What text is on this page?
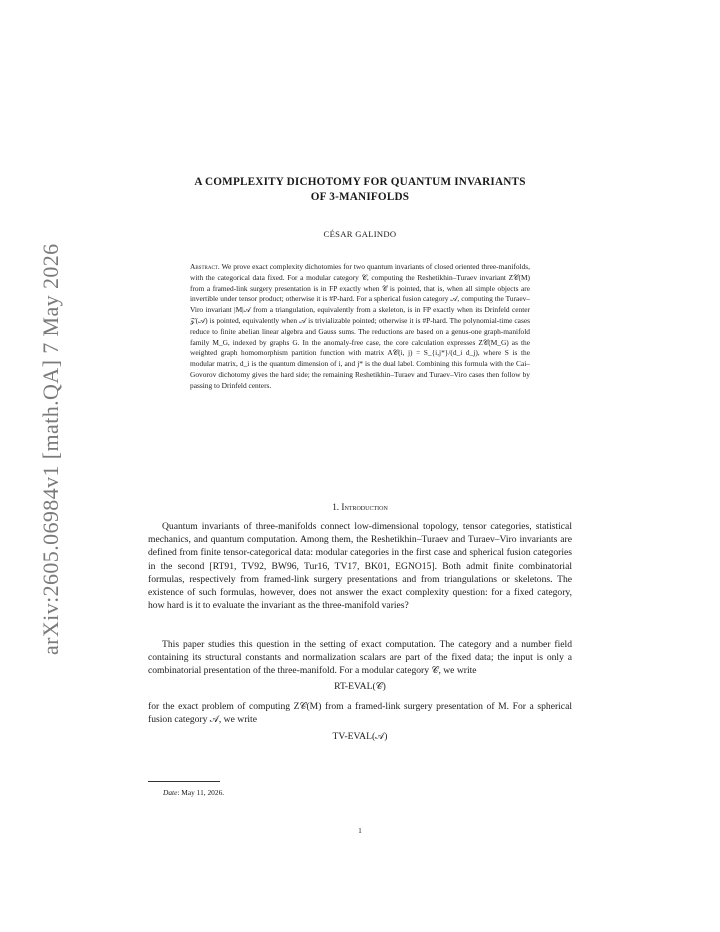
arXiv:2605.06984v1 [math.QA] 7 May 2026
A COMPLEXITY DICHOTOMY FOR QUANTUM INVARIANTS
OF 3-MANIFOLDS
CÉSAR GALINDO
Abstract. We prove exact complexity dichotomies for two quantum invariants of closed oriented three-manifolds, with the categorical data fixed. For a modular category 𝒞, computing the Reshetikhin–Turaev invariant Z𝒞(M) from a framed-link surgery presentation is in FP exactly when 𝒞 is pointed, that is, when all simple objects are invertible under tensor product; otherwise it is #P-hard. For a spherical fusion category 𝒜, computing the Turaev–Viro invariant |M|𝒜 from a triangulation, equivalently from a skeleton, is in FP exactly when its Drinfeld center 𝒵(𝒜) is pointed, equivalently when 𝒜 is trivializable pointed; otherwise it is #P-hard. The polynomial-time cases reduce to finite abelian linear algebra and Gauss sums. The reductions are based on a genus-one graph-manifold family M_G, indexed by graphs G. In the anomaly-free case, the core calculation expresses Z𝒞(M_G) as the weighted graph homomorphism partition function with matrix A𝒞(i, j) = S_{i,j*}/(d_i d_j), where S is the modular matrix, d_i is the quantum dimension of i, and j* is the dual label. Combining this formula with the Cai–Govorov dichotomy gives the hard side; the remaining Reshetikhin–Turaev and Turaev–Viro cases then follow by passing to Drinfeld centers.
1. Introduction
Quantum invariants of three-manifolds connect low-dimensional topology, tensor categories, statistical mechanics, and quantum computation. Among them, the Reshetikhin–Turaev and Turaev–Viro invariants are defined from finite tensor-categorical data: modular categories in the first case and spherical fusion categories in the second [RT91, TV92, BW96, Tur16, TV17, BK01, EGNO15]. Both admit finite combinatorial formulas, respectively from framed-link surgery presentations and from triangulations or skeletons. The existence of such formulas, however, does not answer the exact complexity question: for a fixed category, how hard is it to evaluate the invariant as the three-manifold varies?
This paper studies this question in the setting of exact computation. The category and a number field containing its structural constants and normalization scalars are part of the fixed data; the input is only a combinatorial presentation of the three-manifold. For a modular category 𝒞, we write
RT-EVAL(𝒞)
for the exact problem of computing Z𝒞(M) from a framed-link surgery presentation of M. For a spherical fusion category 𝒜, we write
TV-EVAL(𝒜)
Date: May 11, 2026.
1
